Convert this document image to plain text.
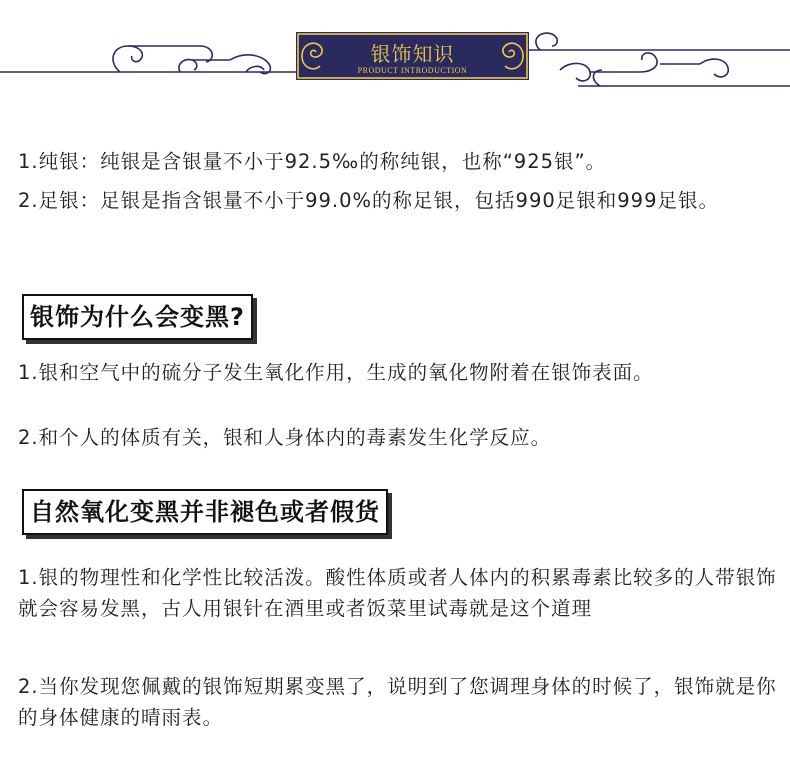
银饰知识
PRODUCT INTRODUCTION

1.纯银：纯银是含银量不小于92.5‰的称纯银，也称“925银”。

2.足银：足银是指含银量不小于99.0%的称足银，包括990足银和999足银。

银饰为什么会变黑?

1.银和空气中的硫分子发生氧化作用，生成的氧化物附着在银饰表面。

2.和个人的体质有关，银和人身体内的毒素发生化学反应。

自然氧化变黑并非褪色或者假货

1.银的物理性和化学性比较活泼。酸性体质或者人体内的积累毒素比较多的人带银饰就会容易发黑，古人用银针在酒里或者饭菜里试毒就是这个道理

2.当你发现您佩戴的银饰短期累变黑了，说明到了您调理身体的时候了，银饰就是你的身体健康的晴雨表。
